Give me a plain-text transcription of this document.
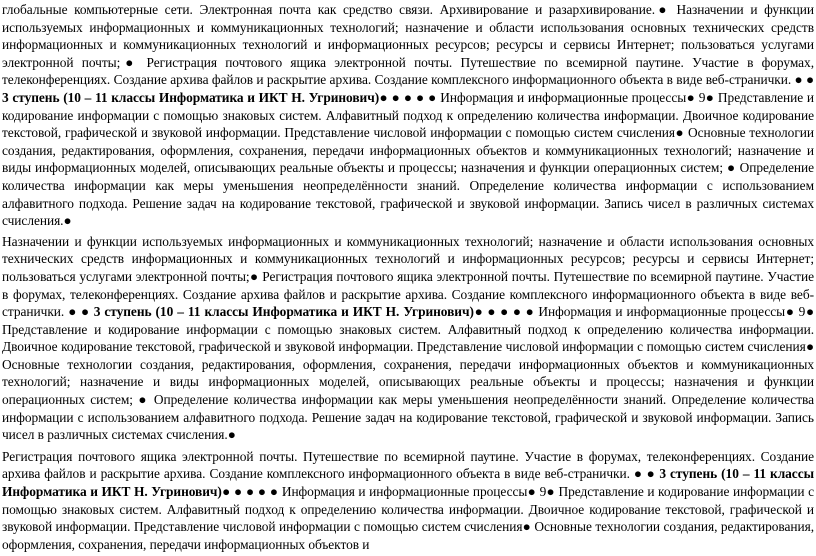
глобальные компьютерные сети. Электронная почта как средство связи. Архивирование и разархивирование.● Назначении и функции используемых информационных и коммуникационных технологий; назначение и области использования основных технических средств информационных и коммуникационных технологий и информационных ресурсов; ресурсы и сервисы Интернет; пользоваться услугами электронной почты;● Регистрация почтового ящика электронной почты. Путешествие по всемирной паутине. Участие в форумах, телеконференциях. Создание архива файлов и раскрытие архива. Создание комплексного информационного объекта в виде веб-странички. ● ● 3 ступень (10 – 11 классы Информатика и ИКТ Н. Угринович)● ● ● ● ● Информация и информационные процессы● 9● Представление и кодирование информации с помощью знаковых систем. Алфавитный подход к определению количества информации. Двоичное кодирование текстовой, графической и звуковой информации. Представление числовой информации с помощью систем счисления● Основные технологии создания, редактирования, оформления, сохранения, передачи информационных объектов и коммуникационных технологий; назначение и виды информационных моделей, описывающих реальные объекты и процессы; назначения и функции операционных систем; ● Определение количества информации как меры уменьшения неопределённости знаний. Определение количества информации с использованием алфавитного подхода. Решение задач на кодирование текстовой, графической и звуковой информации. Запись чисел в различных системах счисления.●

Назначении и функции используемых информационных и коммуникационных технологий; назначение и области использования основных технических средств информационных и коммуникационных технологий и информационных ресурсов; ресурсы и сервисы Интернет; пользоваться услугами электронной почты;● Регистрация почтового ящика электронной почты. Путешествие по всемирной паутине. Участие в форумах, телеконференциях. Создание архива файлов и раскрытие архива. Создание комплексного информационного объекта в виде веб-странички. ● ● 3 ступень (10 – 11 классы Информатика и ИКТ Н. Угринович)● ● ● ● ● Информация и информационные процессы● 9● Представление и кодирование информации с помощью знаковых систем. Алфавитный подход к определению количества информации. Двоичное кодирование текстовой, графической и звуковой информации. Представление числовой информации с помощью систем счисления● Основные технологии создания, редактирования, оформления, сохранения, передачи информационных объектов и коммуникационных технологий; назначение и виды информационных моделей, описывающих реальные объекты и процессы; назначения и функции операционных систем; ● Определение количества информации как меры уменьшения неопределённости знаний. Определение количества информации с использованием алфавитного подхода. Решение задач на кодирование текстовой, графической и звуковой информации. Запись чисел в различных системах счисления.●

Регистрация почтового ящика электронной почты. Путешествие по всемирной паутине. Участие в форумах, телеконференциях. Создание архива файлов и раскрытие архива. Создание комплексного информационного объекта в виде веб-странички. ● ● 3 ступень (10 – 11 классы Информатика и ИКТ Н. Угринович)● ● ● ● ● Информация и информационные процессы● 9● Представление и кодирование информации с помощью знаковых систем. Алфавитный подход к определению количества информации. Двоичное кодирование текстовой, графической и звуковой информации. Представление числовой информации с помощью систем счисления● Основные технологии создания, редактирования, оформления, сохранения, передачи информационных объектов и
